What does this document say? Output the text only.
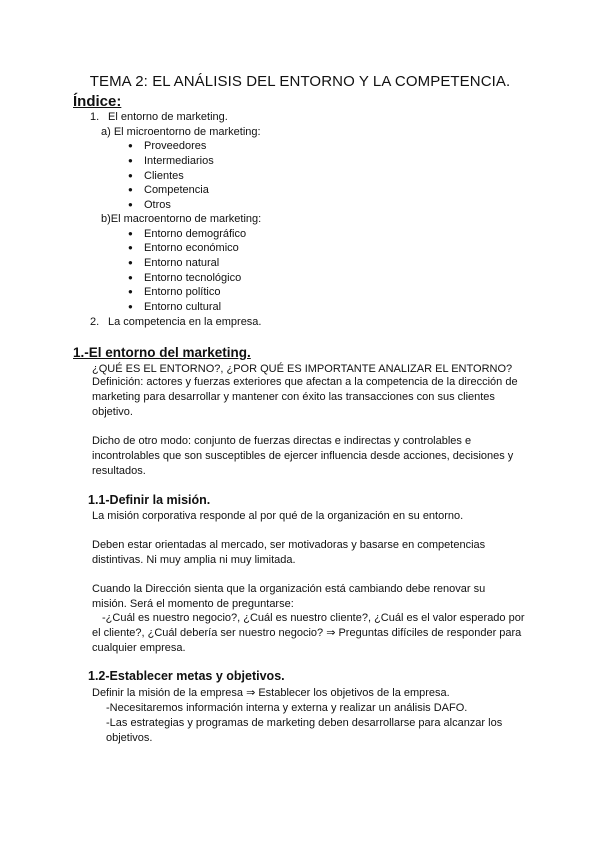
TEMA 2: EL ANÁLISIS DEL ENTORNO Y LA COMPETENCIA.
Índice:
1. El entorno de marketing.
a) El microentorno de marketing:
● Proveedores
● Intermediarios
● Clientes
● Competencia
● Otros
b)El macroentorno de marketing:
● Entorno demográfico
● Entorno económico
● Entorno natural
● Entorno tecnológico
● Entorno político
● Entorno cultural
2. La competencia en la empresa.
1.-El entorno del marketing.
¿QUÉ ES EL ENTORNO?, ¿POR QUÉ ES IMPORTANTE ANALIZAR EL ENTORNO?
Definición: actores y fuerzas exteriores que afectan a la competencia de la dirección de marketing para desarrollar y mantener con éxito las transacciones con sus clientes objetivo.
Dicho de otro modo: conjunto de fuerzas directas e indirectas y controlables e incontrolables que son susceptibles de ejercer influencia desde acciones, decisiones y resultados.
1.1-Definir la misión.
La misión corporativa responde al por qué de la organización en su entorno.
Deben estar orientadas al mercado, ser motivadoras y basarse en competencias distintivas. Ni muy amplia ni muy limitada.
Cuando la Dirección sienta que la organización está cambiando debe renovar su misión. Será el momento de preguntarse:
-¿Cuál es nuestro negocio?, ¿Cuál es nuestro cliente?, ¿Cuál es el valor esperado por el cliente?, ¿Cuál debería ser nuestro negocio? ⇒ Preguntas difíciles de responder para cualquier empresa.
1.2-Establecer metas y objetivos.
Definir la misión de la empresa ⇒ Establecer los objetivos de la empresa.
-Necesitaremos información interna y externa y realizar un análisis DAFO.
-Las estrategias y programas de marketing deben desarrollarse para alcanzar los objetivos.
